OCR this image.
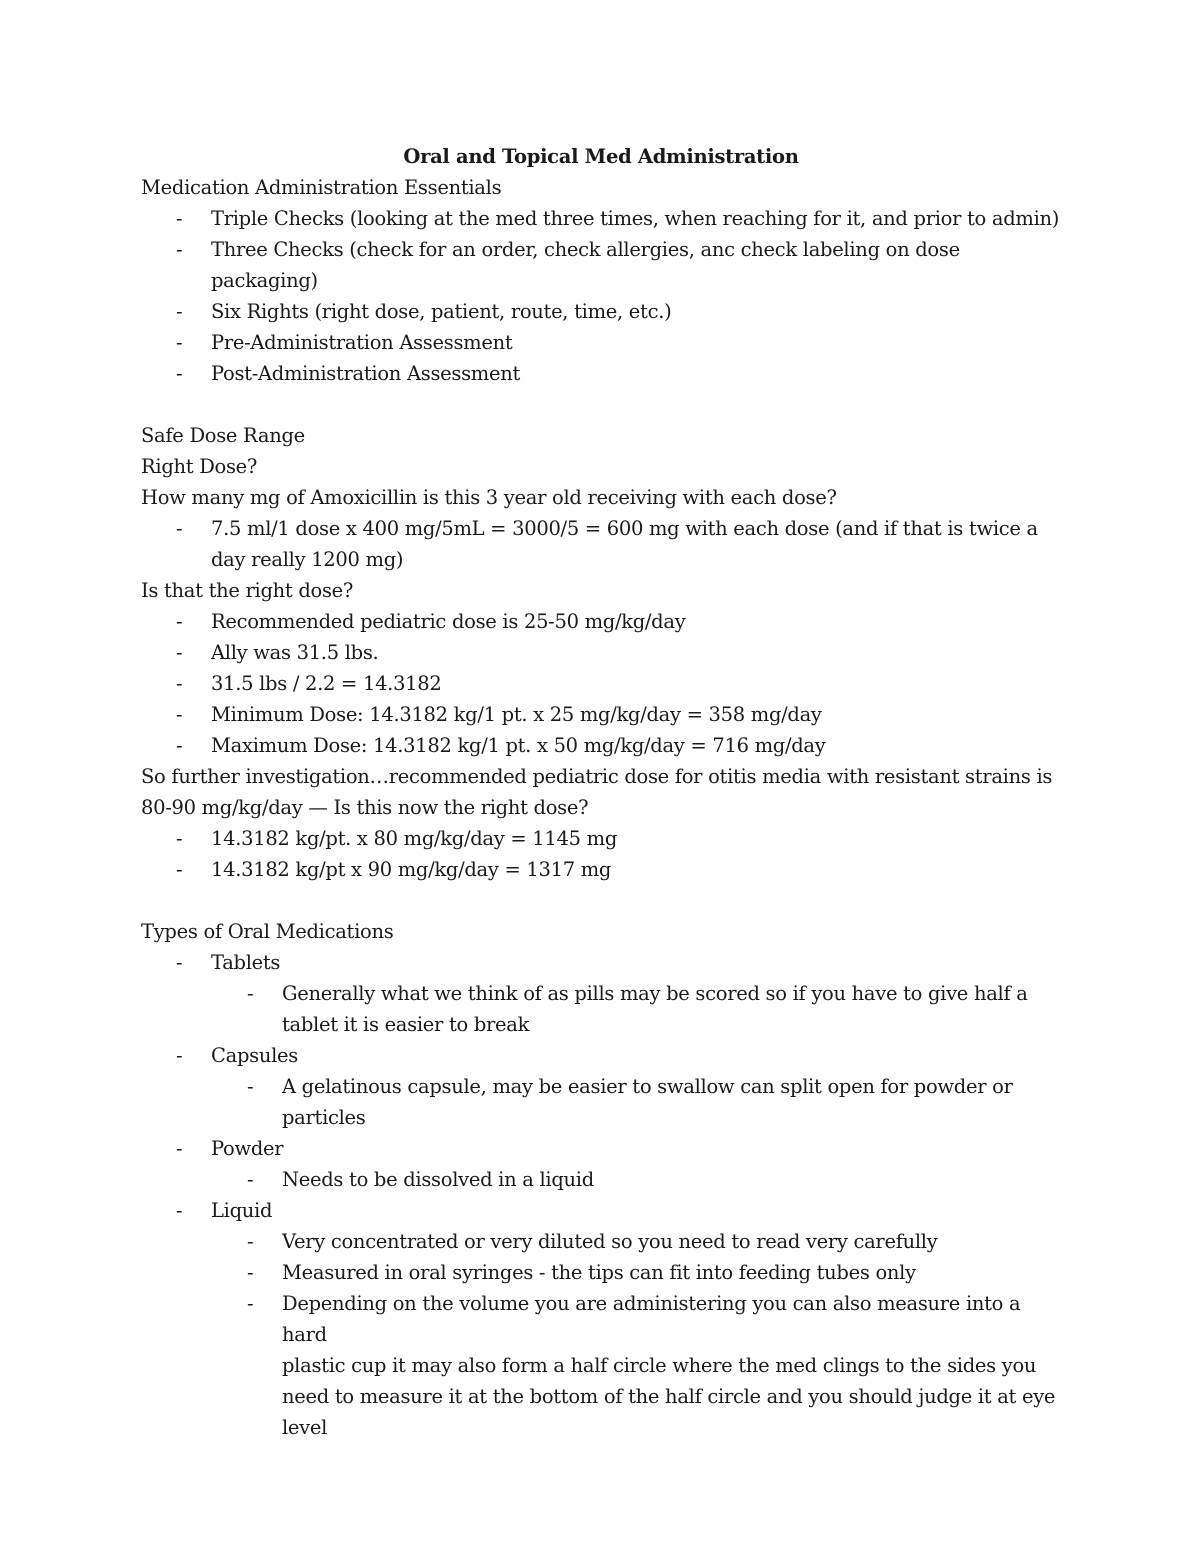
Oral and Topical Med Administration

Medication Administration Essentials

- Triple Checks (looking at the med three times, when reaching for it, and prior to admin)

- Three Checks (check for an order, check allergies, anc check labeling on dose packaging)

- Six Rights (right dose, patient, route, time, etc.)

- Pre-Administration Assessment

- Post-Administration Assessment

Safe Dose Range

Right Dose?

How many mg of Amoxicillin is this 3 year old receiving with each dose?

- 7.5 ml/1 dose x 400 mg/5mL = 3000/5 = 600 mg with each dose (and if that is twice a

day really 1200 mg)

Is that the right dose?

- Recommended pediatric dose is 25-50 mg/kg/day

- Ally was 31.5 lbs.

- 31.5 lbs / 2.2 = 14.3182

- Minimum Dose: 14.3182 kg/1 pt. x 25 mg/kg/day = 358 mg/day

- Maximum Dose: 14.3182 kg/1 pt. x 50 mg/kg/day = 716 mg/day

So further investigation…recommended pediatric dose for otitis media with resistant strains is

80-90 mg/kg/day — Is this now the right dose?

- 14.3182 kg/pt. x 80 mg/kg/day = 1145 mg

- 14.3182 kg/pt x 90 mg/kg/day = 1317 mg

Types of Oral Medications

- Tablets

- Generally what we think of as pills may be scored so if you have to give half a

tablet it is easier to break

- Capsules

- A gelatinous capsule, may be easier to swallow can split open for powder or

particles

- Powder

- Needs to be dissolved in a liquid

- Liquid

- Very concentrated or very diluted so you need to read very carefully

- Measured in oral syringes - the tips can fit into feeding tubes only

- Depending on the volume you are administering you can also measure into a hard

plastic cup it may also form a half circle where the med clings to the sides you

need to measure it at the bottom of the half circle and you should judge it at eye

level
